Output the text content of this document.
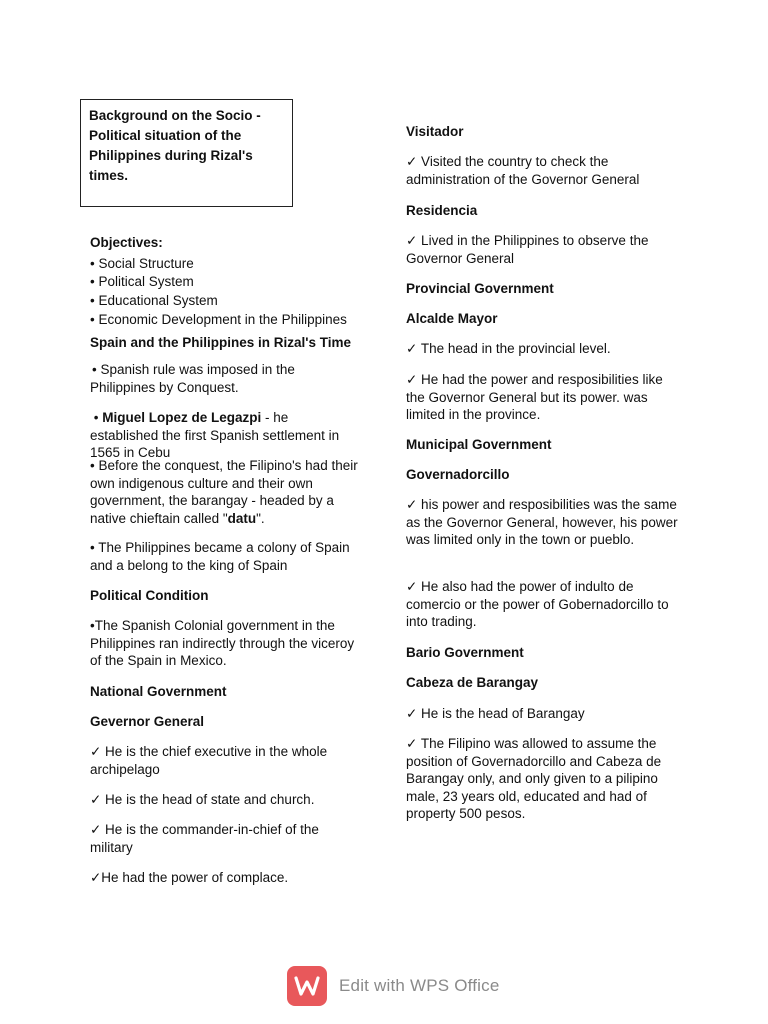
Background on the Socio -
Political situation of the
Philippines during Rizal's
times.
Objectives:
• Social Structure
• Political System
• Educational System
• Economic Development in the Philippines
Spain and the Philippines in Rizal's Time
• Spanish rule was imposed in the Philippines by Conquest.
• Miguel Lopez de Legazpi - he established the first Spanish settlement in 1565 in Cebu
• Before the conquest, the Filipino's had their own indigenous culture and their own government, the barangay - headed by a native chieftain called "datu".
• The Philippines became a colony of Spain and a belong to the king of Spain
Political Condition
•The Spanish Colonial government in the Philippines ran indirectly through the viceroy of the Spain in Mexico.
National Government
Gevernor General
✓ He is the chief executive in the whole archipelago
✓ He is the head of state and church.
✓ He is the commander-in-chief of the military
✓He had the power of complace.
Visitador
✓ Visited the country to check the administration of the Governor General
Residencia
✓ Lived in the Philippines to observe the Governor General
Provincial Government
Alcalde Mayor
✓ The head in the provincial level.
✓ He had the power and resposibilities like the Governor General but its power. was limited in the province.
Municipal Government
Governadorcillo
✓ his power and resposibilities was the same as the Governor General, however, his power was limited only in the town or pueblo.
✓ He also had the power of indulto de comercio or the power of Gobernadorcillo to into trading.
Bario Government
Cabeza de Barangay
✓ He is the head of Barangay
✓ The Filipino was allowed to assume the position of Governadorcillo and Cabeza de Barangay only, and only given to a pilipino male, 23 years old, educated and had of property 500 pesos.
Edit with WPS Office
